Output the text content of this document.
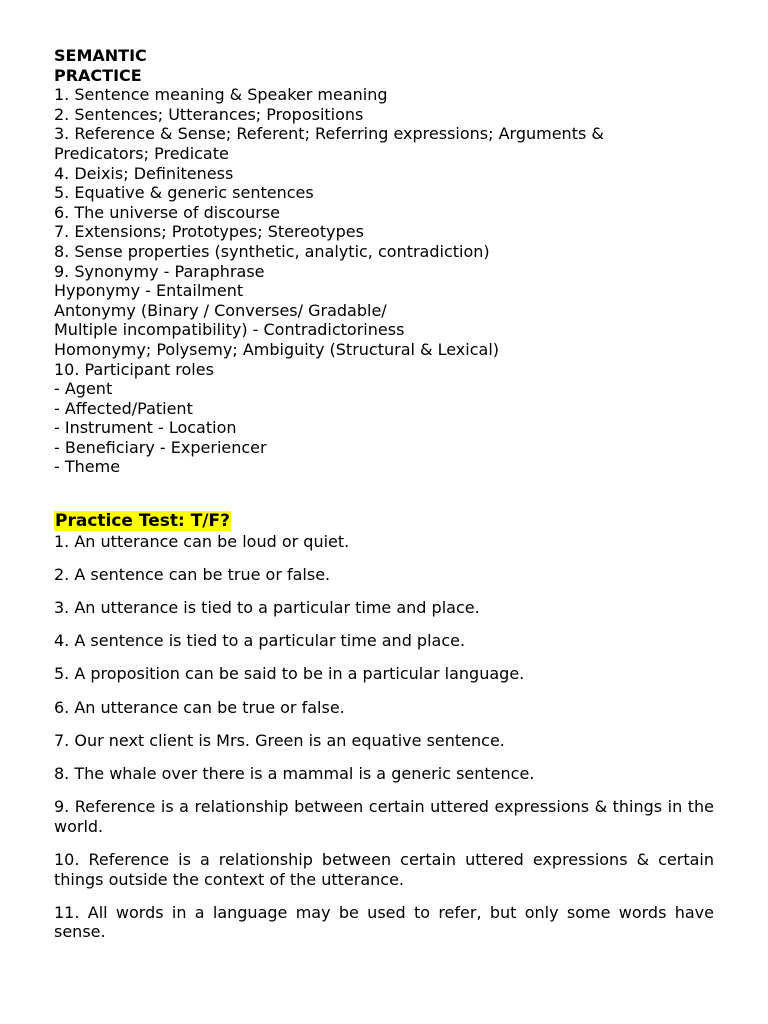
SEMANTIC
PRACTICE
1. Sentence meaning & Speaker meaning
2. Sentences; Utterances; Propositions
3. Reference & Sense; Referent; Referring expressions; Arguments & Predicators; Predicate
4. Deixis; Definiteness
5. Equative & generic sentences
6. The universe of discourse
7. Extensions; Prototypes; Stereotypes
8. Sense properties (synthetic, analytic, contradiction)
9. Synonymy - Paraphrase
Hyponymy - Entailment
Antonymy (Binary / Converses/ Gradable/
Multiple incompatibility) - Contradictoriness
Homonymy; Polysemy; Ambiguity (Structural & Lexical)
10. Participant roles
- Agent
- Affected/Patient
- Instrument - Location
- Beneficiary - Experiencer
- Theme
Practice Test: T/F?
1. An utterance can be loud or quiet.
2. A sentence can be true or false.
3. An utterance is tied to a particular time and place.
4. A sentence is tied to a particular time and place.
5. A proposition can be said to be in a particular language.
6. An utterance can be true or false.
7. Our next client is Mrs. Green is an equative sentence.
8. The whale over there is a mammal is a generic sentence.
9. Reference is a relationship between certain uttered expressions & things in the world.
10. Reference is a relationship between certain uttered expressions & certain things outside the context of the utterance.
11. All words in a language may be used to refer, but only some words have sense.
